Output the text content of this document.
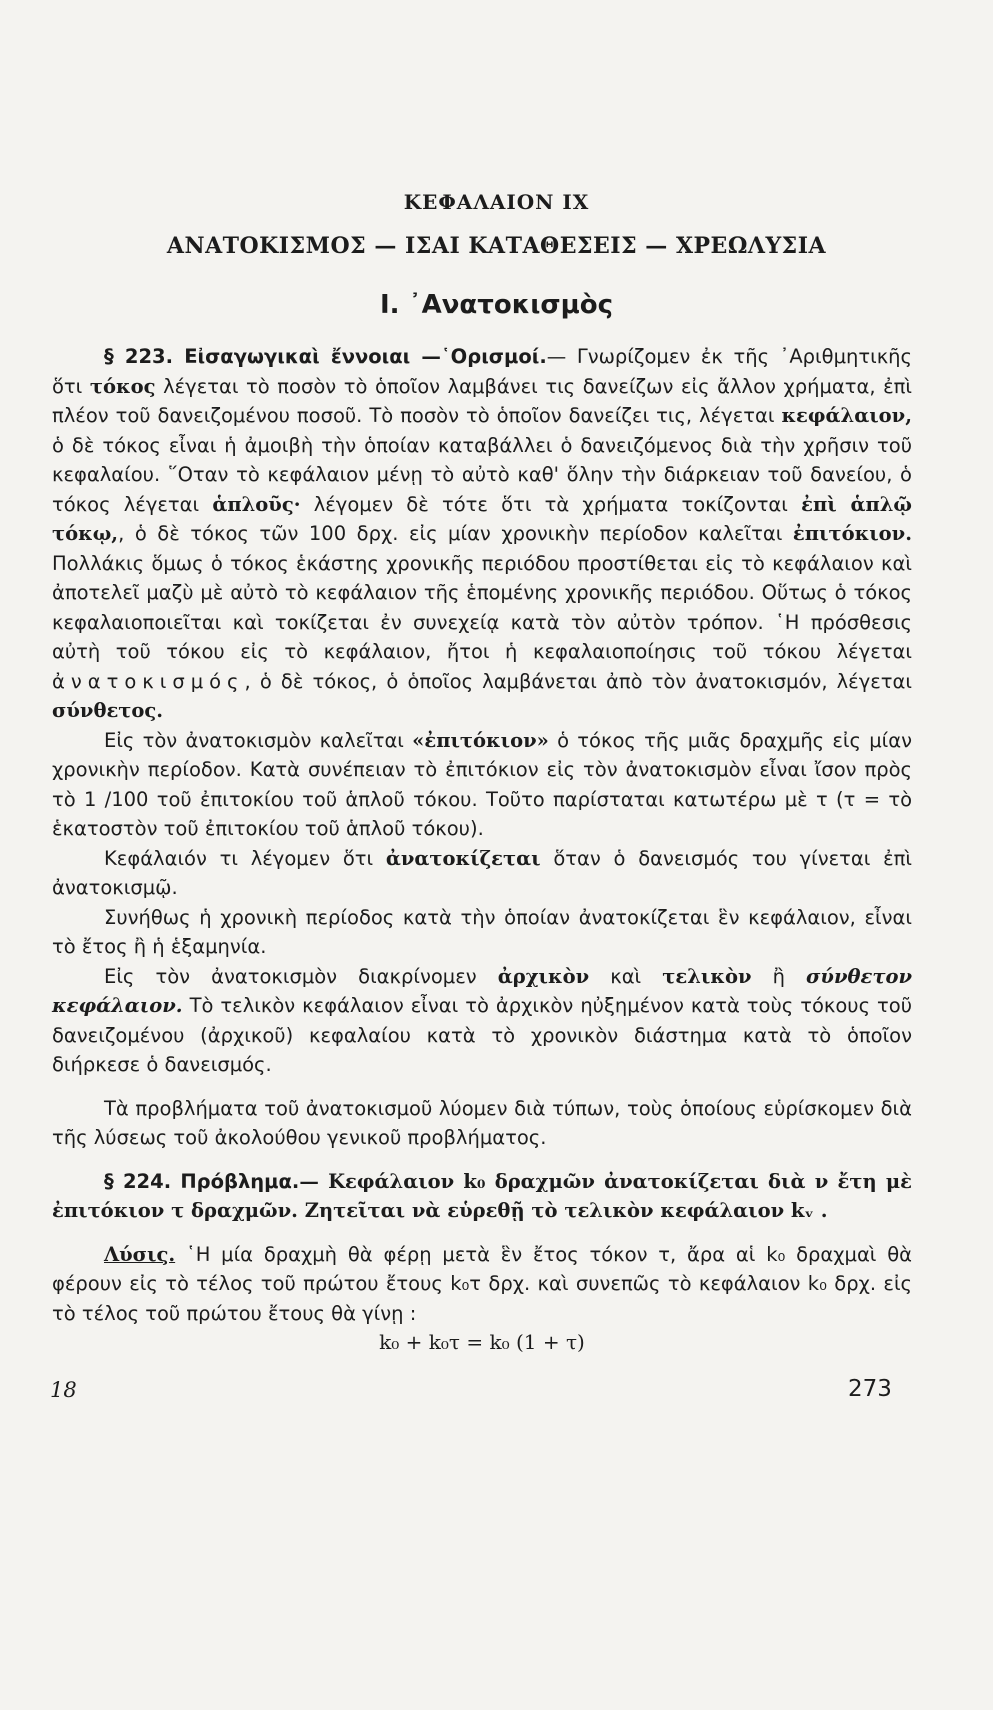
ΚΕΦΑΛΑΙΟΝ IX
ΑΝΑΤΟΚΙΣΜΟΣ — ΙΣΑΙ ΚΑΤΑΘΕΣΕΙΣ — ΧΡΕΩΛΥΣΙΑ
Ι. ᾿Ανατοκισμὸς

§ 223. Εἰσαγωγικαὶ ἔννοιαι —῾Ορισμοί.— Γνωρίζομεν ἐκ τῆς ᾿Αριθμητικῆς ὅτι τόκος λέγεται τὸ ποσὸν τὸ ὁποῖον λαμβάνει τις δανείζων εἰς ἄλλον χρήματα, ἐπὶ πλέον τοῦ δανειζομένου ποσοῦ. Τὸ ποσὸν τὸ ὁποῖον δανείζει τις, λέγεται κεφάλαιον, ὁ δὲ τόκος εἶναι ἡ ἀμοιβὴ τὴν ὁποίαν καταβάλλει ὁ δανειζόμενος διὰ τὴν χρῆσιν τοῦ κεφαλαίου. ῞Οταν τὸ κεφάλαιον μένῃ τὸ αὐτὸ καθ' ὅλην τὴν διάρκειαν τοῦ δανείου, ὁ τόκος λέγεται ἁπλοῦς· λέγομεν δὲ τότε ὅτι τὰ χρήματα τοκίζονται ἐπὶ ἁπλῷ τόκῳ,, ὁ δὲ τόκος τῶν 100 δρχ. εἰς μίαν χρονικὴν περίοδον καλεῖται ἐπιτόκιον. Πολλάκις ὅμως ὁ τόκος ἑκάστης χρονικῆς περιόδου προστίθεται εἰς τὸ κεφάλαιον καὶ ἀποτελεῖ μαζὺ μὲ αὐτὸ τὸ κεφάλαιον τῆς ἑπομένης χρονικῆς περιόδου. Οὕτως ὁ τόκος κεφαλαιοποιεῖται καὶ τοκίζεται ἐν συνεχείᾳ κατὰ τὸν αὐτὸν τρόπον. ῾Η πρόσθεσις αὐτὴ τοῦ τόκου εἰς τὸ κεφάλαιον, ἤτοι ἡ κεφαλαιοποίησις τοῦ τόκου λέγεται ἀνατοκισμός, ὁ δὲ τόκος, ὁ ὁποῖος λαμβάνεται ἀπὸ τὸν ἀνατοκισμόν, λέγεται σύνθετος.

Εἰς τὸν ἀνατοκισμὸν καλεῖται «ἐπιτόκιον» ὁ τόκος τῆς μιᾶς δραχμῆς εἰς μίαν χρονικὴν περίοδον. Κατὰ συνέπειαν τὸ ἐπιτόκιον εἰς τὸν ἀνατοκισμὸν εἶναι ἴσον πρὸς τὸ 1 /100 τοῦ ἐπιτοκίου τοῦ ἁπλοῦ τόκου. Τοῦτο παρίσταται κατωτέρω μὲ τ (τ = τὸ ἑκατοστὸν τοῦ ἐπιτοκίου τοῦ ἁπλοῦ τόκου).

Κεφάλαιόν τι λέγομεν ὅτι ἀνατοκίζεται ὅταν ὁ δανεισμός του γίνεται ἐπὶ ἀνατοκισμῷ.

Συνήθως ἡ χρονικὴ περίοδος κατὰ τὴν ὁποίαν ἀνατοκίζεται ἓν κεφάλαιον, εἶναι τὸ ἔτος ἢ ἡ ἑξαμηνία.

Εἰς τὸν ἀνατοκισμὸν διακρίνομεν ἀρχικὸν καὶ τελικὸν ἢ σύνθετον κεφάλαιον. Τὸ τελικὸν κεφάλαιον εἶναι τὸ ἀρχικὸν ηὐξημένον κατὰ τοὺς τόκους τοῦ δανειζομένου (ἀρχικοῦ) κεφαλαίου κατὰ τὸ χρονικὸν διάστημα κατὰ τὸ ὁποῖον διήρκεσε ὁ δανεισμός.

Τὰ προβλήματα τοῦ ἀνατοκισμοῦ λύομεν διὰ τύπων, τοὺς ὁποίους εὑρίσκομεν διὰ τῆς λύσεως τοῦ ἀκολούθου γενικοῦ προβλήματος.

§ 224. Πρόβλημα.— Κεφάλαιον k₀ δραχμῶν ἀνατοκίζεται διὰ ν ἔτη μὲ ἐπιτόκιον τ δραχμῶν. Ζητεῖται νὰ εὑρεθῇ τὸ τελικὸν κεφάλαιον kᵥ .

Λύσις. ῾Η μία δραχμὴ θὰ φέρῃ μετὰ ἓν ἔτος τόκον τ, ἄρα αἱ k₀ δραχμαὶ θὰ φέρουν εἰς τὸ τέλος τοῦ πρώτου ἔτους k₀τ δρχ. καὶ συνεπῶς τὸ κεφάλαιον k₀ δρχ. εἰς τὸ τέλος τοῦ πρώτου ἔτους θὰ γίνῃ :

k₀ + k₀τ = k₀ (1 + τ)

18	273
